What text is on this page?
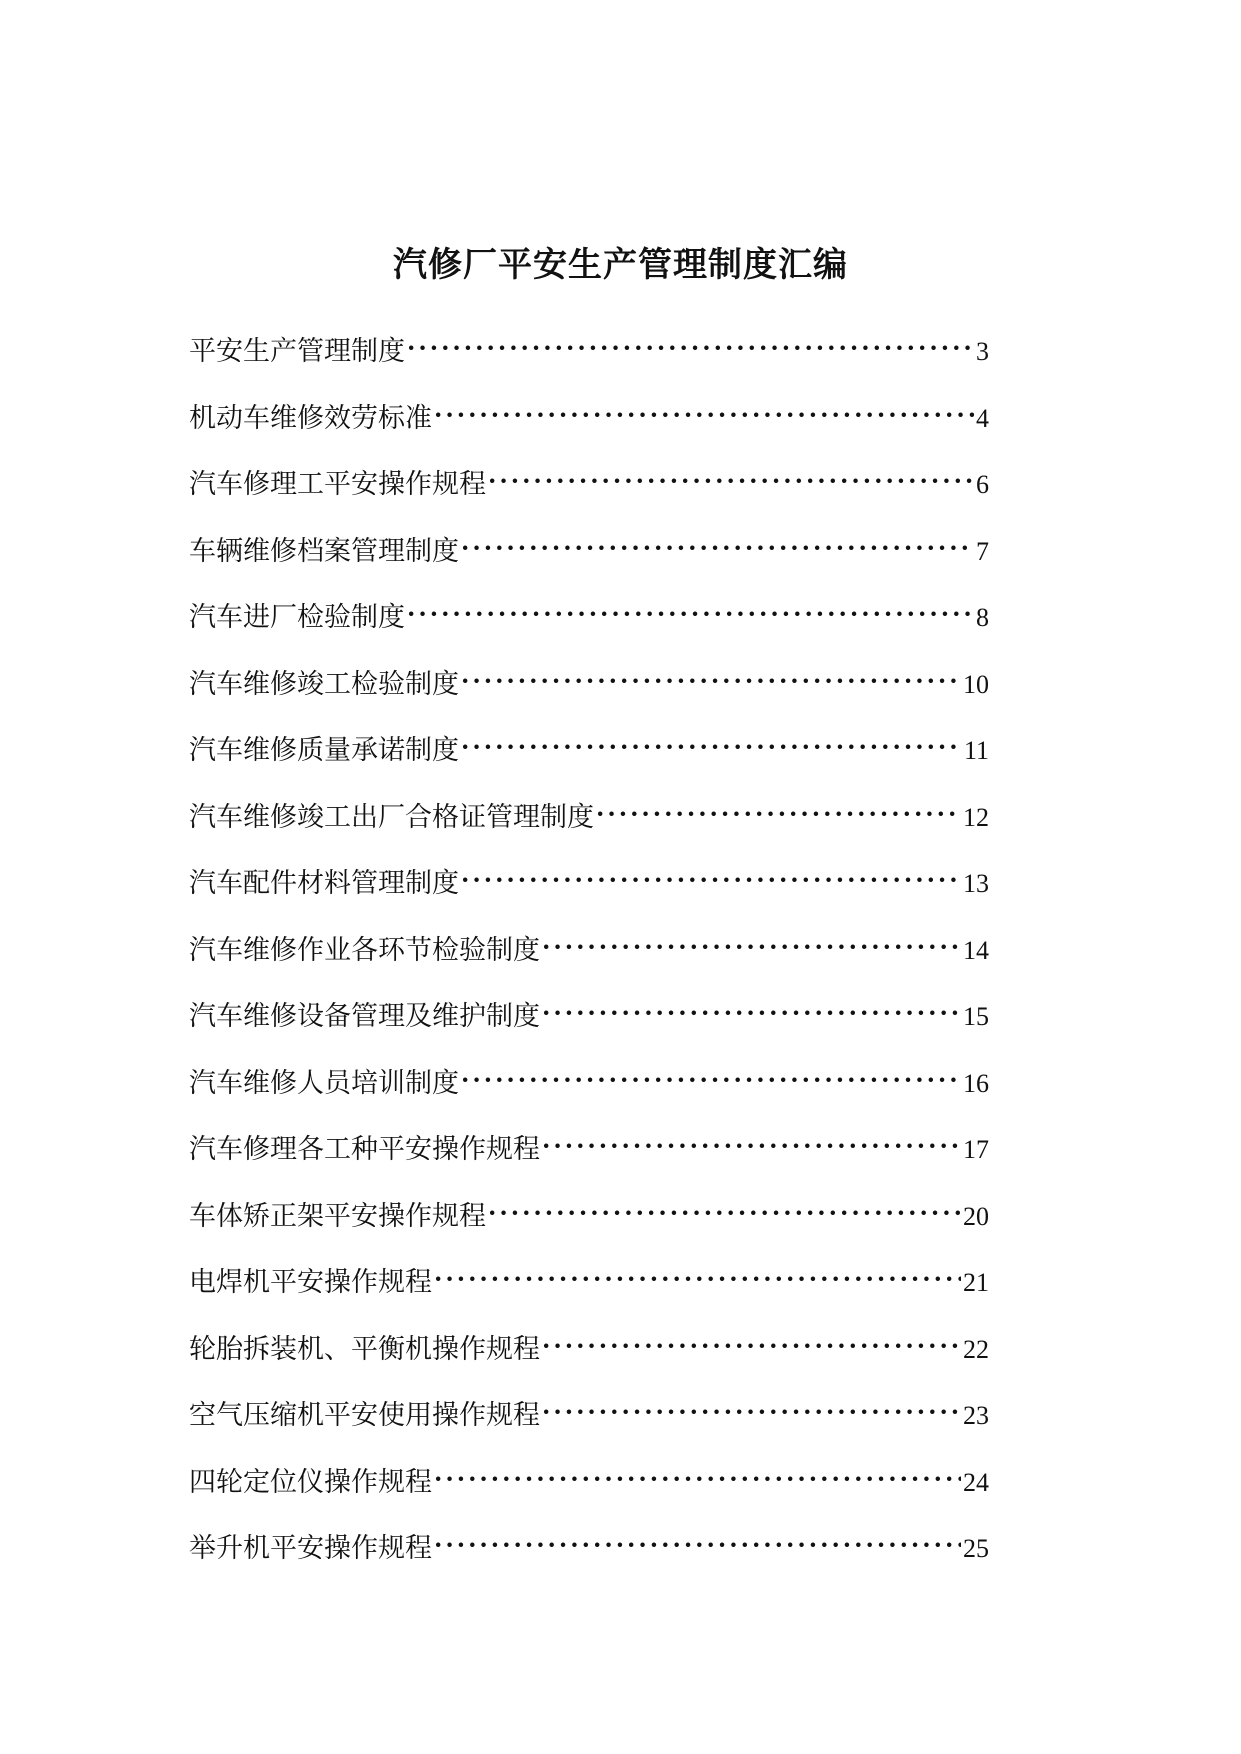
汽修厂平安生产管理制度汇编
平安生产管理制度 ·····	3
机动车维修效劳标准 ·····	4
汽车修理工平安操作规程 ·····	6
车辆维修档案管理制度 ·····	7
汽车进厂检验制度 ·····	8
汽车维修竣工检验制度 ·····	10
汽车维修质量承诺制度 ·····	11
汽车维修竣工出厂合格证管理制度 ·····	12
汽车配件材料管理制度 ·····	13
汽车维修作业各环节检验制度 ·····	14
汽车维修设备管理及维护制度 ·····	15
汽车维修人员培训制度 ·····	16
汽车修理各工种平安操作规程 ·····	17
车体矫正架平安操作规程 ·····	20
电焊机平安操作规程 ·····	21
轮胎拆装机、平衡机操作规程 ·····	22
空气压缩机平安使用操作规程 ·····	23
四轮定位仪操作规程 ·····	24
举升机平安操作规程 ·····	25
